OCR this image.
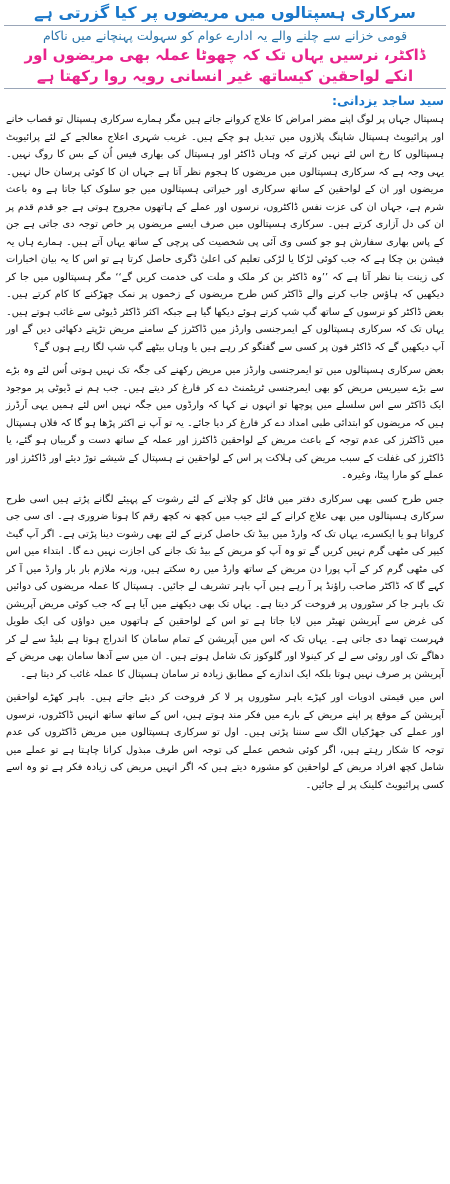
سرکاری ہسپتالوں میں مریضوں پر کیا گزرتی ہے
قومی خزانے سے چلنے والے یہ ادارے عوام کو سہولت پہنچانے میں ناکام
ڈاکٹر، نرسیں یہاں تک کہ چھوٹا عملہ بھی مریضوں اور
انکے لواحقین کیساتھ غیر انسانی رویہ روا رکھتا ہے
سید ساجد یزدانی:

ہسپتال جہاں پر لوگ اپنے مضر امراض کا علاج کروانے جاتے ہیں مگر ہمارے سرکاری ہسپتال تو قصاب خانے اور پرائیویٹ ہسپتال شاپنگ پلازوں میں تبدیل ہو چکے ہیں۔ غریب شہری اعلاج معالجے کے لئے پرائیویٹ ہسپتالوں کا رخ اس لئے نہیں کرتے کہ وہاں ڈاکٹر اور ہسپتال کی بھاری فیس اُن کے بس کا روگ نہیں۔ یہی وجہ ہے کہ سرکاری ہسپتالوں میں مریضوں کا ہجوم نظر آتا ہے جہاں ان کا کوئی پرسان حال نہیں۔ مریضوں اور ان کے لواحقین کے ساتھ سرکاری اور خیراتی ہسپتالوں میں جو سلوک کیا جاتا ہے وہ باعث شرم ہے، جہاں ان کی عزت نفس ڈاکٹروں، نرسوں اور عملے کے ہاتھوں مجروح ہوتی ہے جو قدم قدم پر ان کی دل آزاری کرتے ہیں۔ سرکاری ہسپتالوں میں صرف ایسے مریضوں پر خاص توجہ دی جاتی ہے جن کے پاس بھاری سفارش ہو جو کسی وی آئی پی شخصیت کی پرچی کے ساتھ یہاں آتے ہیں۔ ہمارے ہاں یہ فیشن بن چکا ہے کہ جب کوئی لڑکا یا لڑکی تعلیم کی اعلیٰ ڈگری حاصل کرتا ہے تو اس کا یہ بیان اخبارات کی زینت بنا نظر آتا ہے کہ ’’وہ ڈاکٹر بن کر ملک و ملت کی خدمت کریں گے‘‘ مگر ہسپتالوں میں جا کر دیکھیں کہ ہاؤس جاب کرنے والے ڈاکٹر کس طرح مریضوں کے زخموں پر نمک چھڑکنے کا کام کرتے ہیں۔ بعض ڈاکٹر کو نرسوں کے ساتھ گپ شپ کرتے ہوئے دیکھا گیا ہے جبکہ اکثر ڈاکٹر ڈیوٹی سے غائب ہوتے ہیں۔ یہاں تک کہ سرکاری ہسپتالوں کے ایمرجنسی وارڈز میں ڈاکٹرز کے سامنے مریض تڑپتے دکھائی دیں گے اور آپ دیکھیں گے کہ ڈاکٹر فون پر کسی سے گفتگو کر رہے ہیں یا وہاں بیٹھے گپ شپ لگا رہے ہوں گے؟

بعض سرکاری ہسپتالوں میں تو ایمرجنسی وارڈز میں مریض رکھنے کی جگہ تک نہیں ہوتی اُس لئے وہ بڑے سے بڑے سیریس مریض کو بھی ایمرجنسی ٹریٹمنٹ دے کر فارغ کر دیتے ہیں۔ جب ہم نے ڈیوٹی پر موجود ایک ڈاکٹر سے اس سلسلے میں پوچھا تو انہوں نے کہا کہ وارڈوں میں جگہ نہیں اس لئے ہمیں یہی آرڈرز ہیں کہ مریضوں کو ابتدائی طبی امداد دے کر فارغ کر دیا جائے۔ یہ تو آپ نے اکثر پڑھا ہو گا کہ فلاں ہسپتال میں ڈاکٹرز کی عدم توجہ کے باعث مریض کے لواحقین ڈاکٹرز اور عملہ کے ساتھ دست و گریباں ہو گئے، یا ڈاکٹرز کی غفلت کے سبب مریض کی ہلاکت پر اس کے لواحقین نے ہسپتال کے شیشے توڑ دیئے اور ڈاکٹرز اور عملے کو مارا پیٹا، وغیرہ۔

جس طرح کسی بھی سرکاری دفتر میں فائل کو چلانے کے لئے رشوت کے پہیئے لگانے پڑتے ہیں اسی طرح سرکاری ہسپتالوں میں بھی علاج کرانے کے لئے جیب میں کچھ نہ کچھ رقم کا ہونا ضروری ہے۔ ای سی جی کروانا ہو یا ایکسرے، یہاں تک کہ وارڈ میں بیڈ تک حاصل کرنے کے لئے بھی رشوت دینا پڑتی ہے۔ اگر آپ گیٹ کیپر کی مٹھی گرم نہیں کریں گے تو وہ آپ کو مریض کے بیڈ تک جانے کی اجازت نہیں دے گا۔ ابتداء میں اس کی مٹھی گرم کر کے آپ پورا دن مریض کے ساتھ وارڈ میں رہ سکتے ہیں، ورنہ ملازم بار بار وارڈ میں آ کر کہے گا کہ ڈاکٹر صاحب راؤنڈ پر آ رہے ہیں آپ باہر تشریف لے جائیں۔ ہسپتال کا عملہ مریضوں کی دوائیں تک باہر جا کر سٹوروں پر فروخت کر دیتا ہے۔ یہاں تک بھی دیکھنے میں آیا ہے کہ جب کوئی مریض آپریشن کی غرض سے آپریشن تھیٹر میں لایا جاتا ہے تو اس کے لواحقین کے ہاتھوں میں دواؤں کی ایک طویل فہرست تھما دی جاتی ہے۔ یہاں تک کہ اس میں آپریشن کے تمام سامان کا اندراج ہوتا ہے بلیڈ سے لے کر دھاگے تک اور روئی سے لے کر کینولا اور گلوکوز تک شامل ہوتے ہیں۔ ان میں سے آدھا سامان بھی مریض کے آپریشن پر صرف نہیں ہوتا بلکہ ایک اندازے کے مطابق زیادہ تر سامان ہسپتال کا عملہ غائب کر دیتا ہے۔

اس میں قیمتی ادویات اور کپڑے باہر سٹوروں پر لا کر فروخت کر دیئے جاتے ہیں۔ باہر کھڑے لواحقین آپریشن کے موقع پر اپنے مریض کے بارے میں فکر مند ہوتے ہیں، اس کے ساتھ ساتھ انہیں ڈاکٹروں، نرسوں اور عملے کی جھڑکیاں الگ سے سننا پڑتی ہیں۔ اول تو سرکاری ہسپتالوں میں مریض ڈاکٹروں کی عدم توجہ کا شکار رہتے ہیں، اگر کوئی شخص عملے کی توجہ اس طرف مبذول کرانا چاہتا ہے تو عملے میں شامل کچھ افراد مریض کے لواحقین کو مشورہ دیتے ہیں کہ اگر انہیں مریض کی زیادہ فکر ہے تو وہ اسے کسی پرائیویٹ کلینک پر لے جائیں۔
